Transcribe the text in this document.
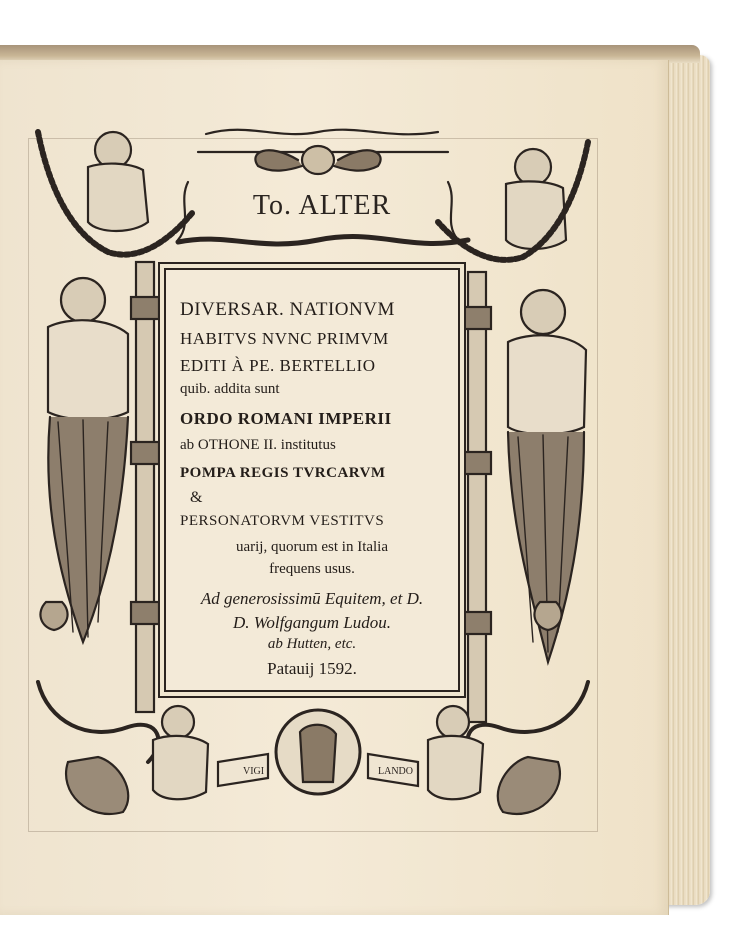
VIGI	LANDO
To. ALTER
DIVERSAR. NATIONVM
HABITVS NVNC PRIMVM
EDITI À PE. BERTELLIO
quib. addita sunt
ORDO ROMANI IMPERII
ab OTHONE II. institutus
POMPA REGIS TVRCARVM
&
PERSONATORVM VESTITVS
uarij, quorum est in Italia
frequens usus.
Ad generosissimū Equitem, et D.
D. Wolfgangum Ludou.
ab Hutten, etc.
Patauij 1592.
